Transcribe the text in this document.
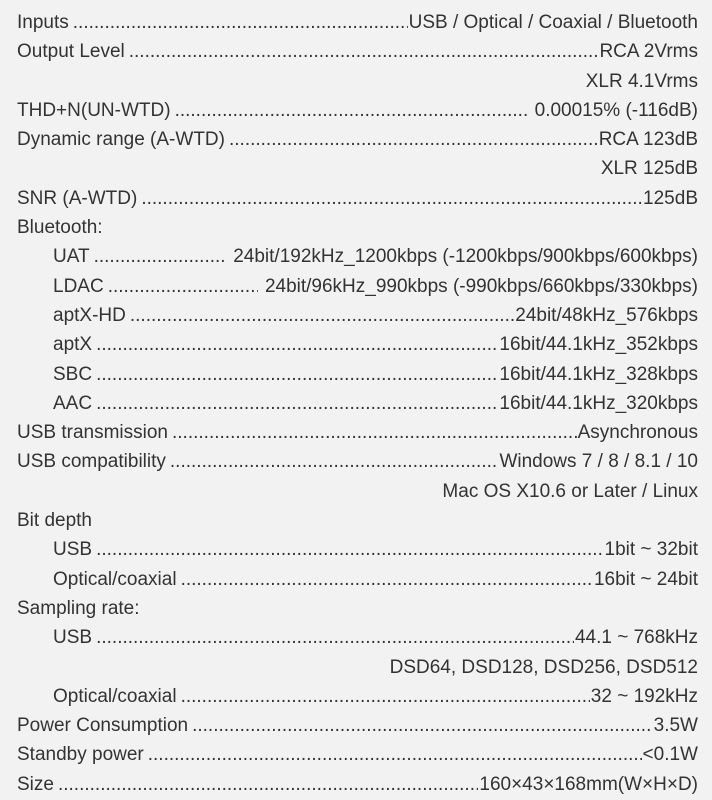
Inputs .....	USB / Optical / Coaxial / Bluetooth
Output Level .....	RCA 2Vrms
XLR 4.1Vrms
THD+N(UN-WTD) .....	0.00015% (-116dB)
Dynamic range (A-WTD) .....	RCA 123dB
XLR 125dB
SNR (A-WTD) .....	125dB
Bluetooth:
UAT .....	24bit/192kHz_1200kbps (-1200kbps/900kbps/600kbps)
LDAC .....	24bit/96kHz_990kbps (-990kbps/660kbps/330kbps)
aptX-HD .....	24bit/48kHz_576kbps
aptX .....	16bit/44.1kHz_352kbps
SBC .....	16bit/44.1kHz_328kbps
AAC .....	16bit/44.1kHz_320kbps
USB transmission .....	Asynchronous
USB compatibility .....	Windows 7 / 8 / 8.1 / 10
Mac OS X10.6 or Later / Linux
Bit depth
USB .....	1bit ~ 32bit
Optical/coaxial .....	16bit ~ 24bit
Sampling rate:
USB .....	44.1 ~ 768kHz
DSD64, DSD128, DSD256, DSD512
Optical/coaxial .....	32 ~ 192kHz
Power Consumption .....	3.5W
Standby power .....	<0.1W
Size .....	160×43×168mm(W×H×D)
